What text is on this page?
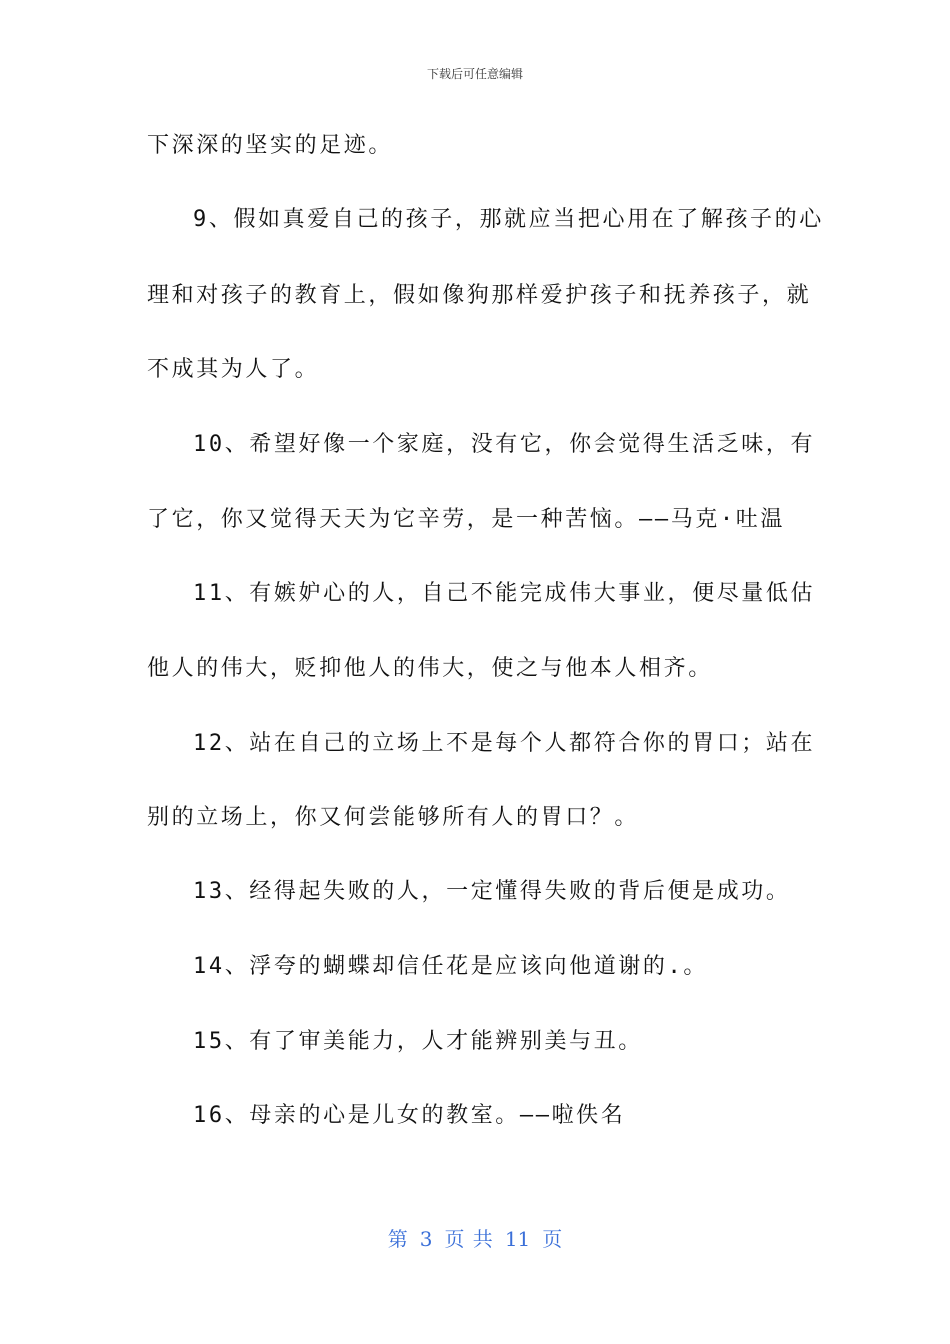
下载后可任意编辑
下深深的坚实的足迹。
9、假如真爱自己的孩子，那就应当把心用在了解孩子的心
理和对孩子的教育上，假如像狗那样爱护孩子和抚养孩子，就
不成其为人了。
10、希望好像一个家庭，没有它，你会觉得生活乏味，有
了它，你又觉得天天为它辛劳，是一种苦恼。——马克·吐温
11、有嫉妒心的人，自己不能完成伟大事业，便尽量低估
他人的伟大，贬抑他人的伟大，使之与他本人相齐。
12、站在自己的立场上不是每个人都符合你的胃口；站在
别的立场上，你又何尝能够所有人的胃口？。
13、经得起失败的人，一定懂得失败的背后便是成功。
14、浮夸的蝴蝶却信任花是应该向他道谢的.。
15、有了审美能力，人才能辨别美与丑。
16、母亲的心是儿女的教室。——啦佚名
第 3 页 共 11 页
